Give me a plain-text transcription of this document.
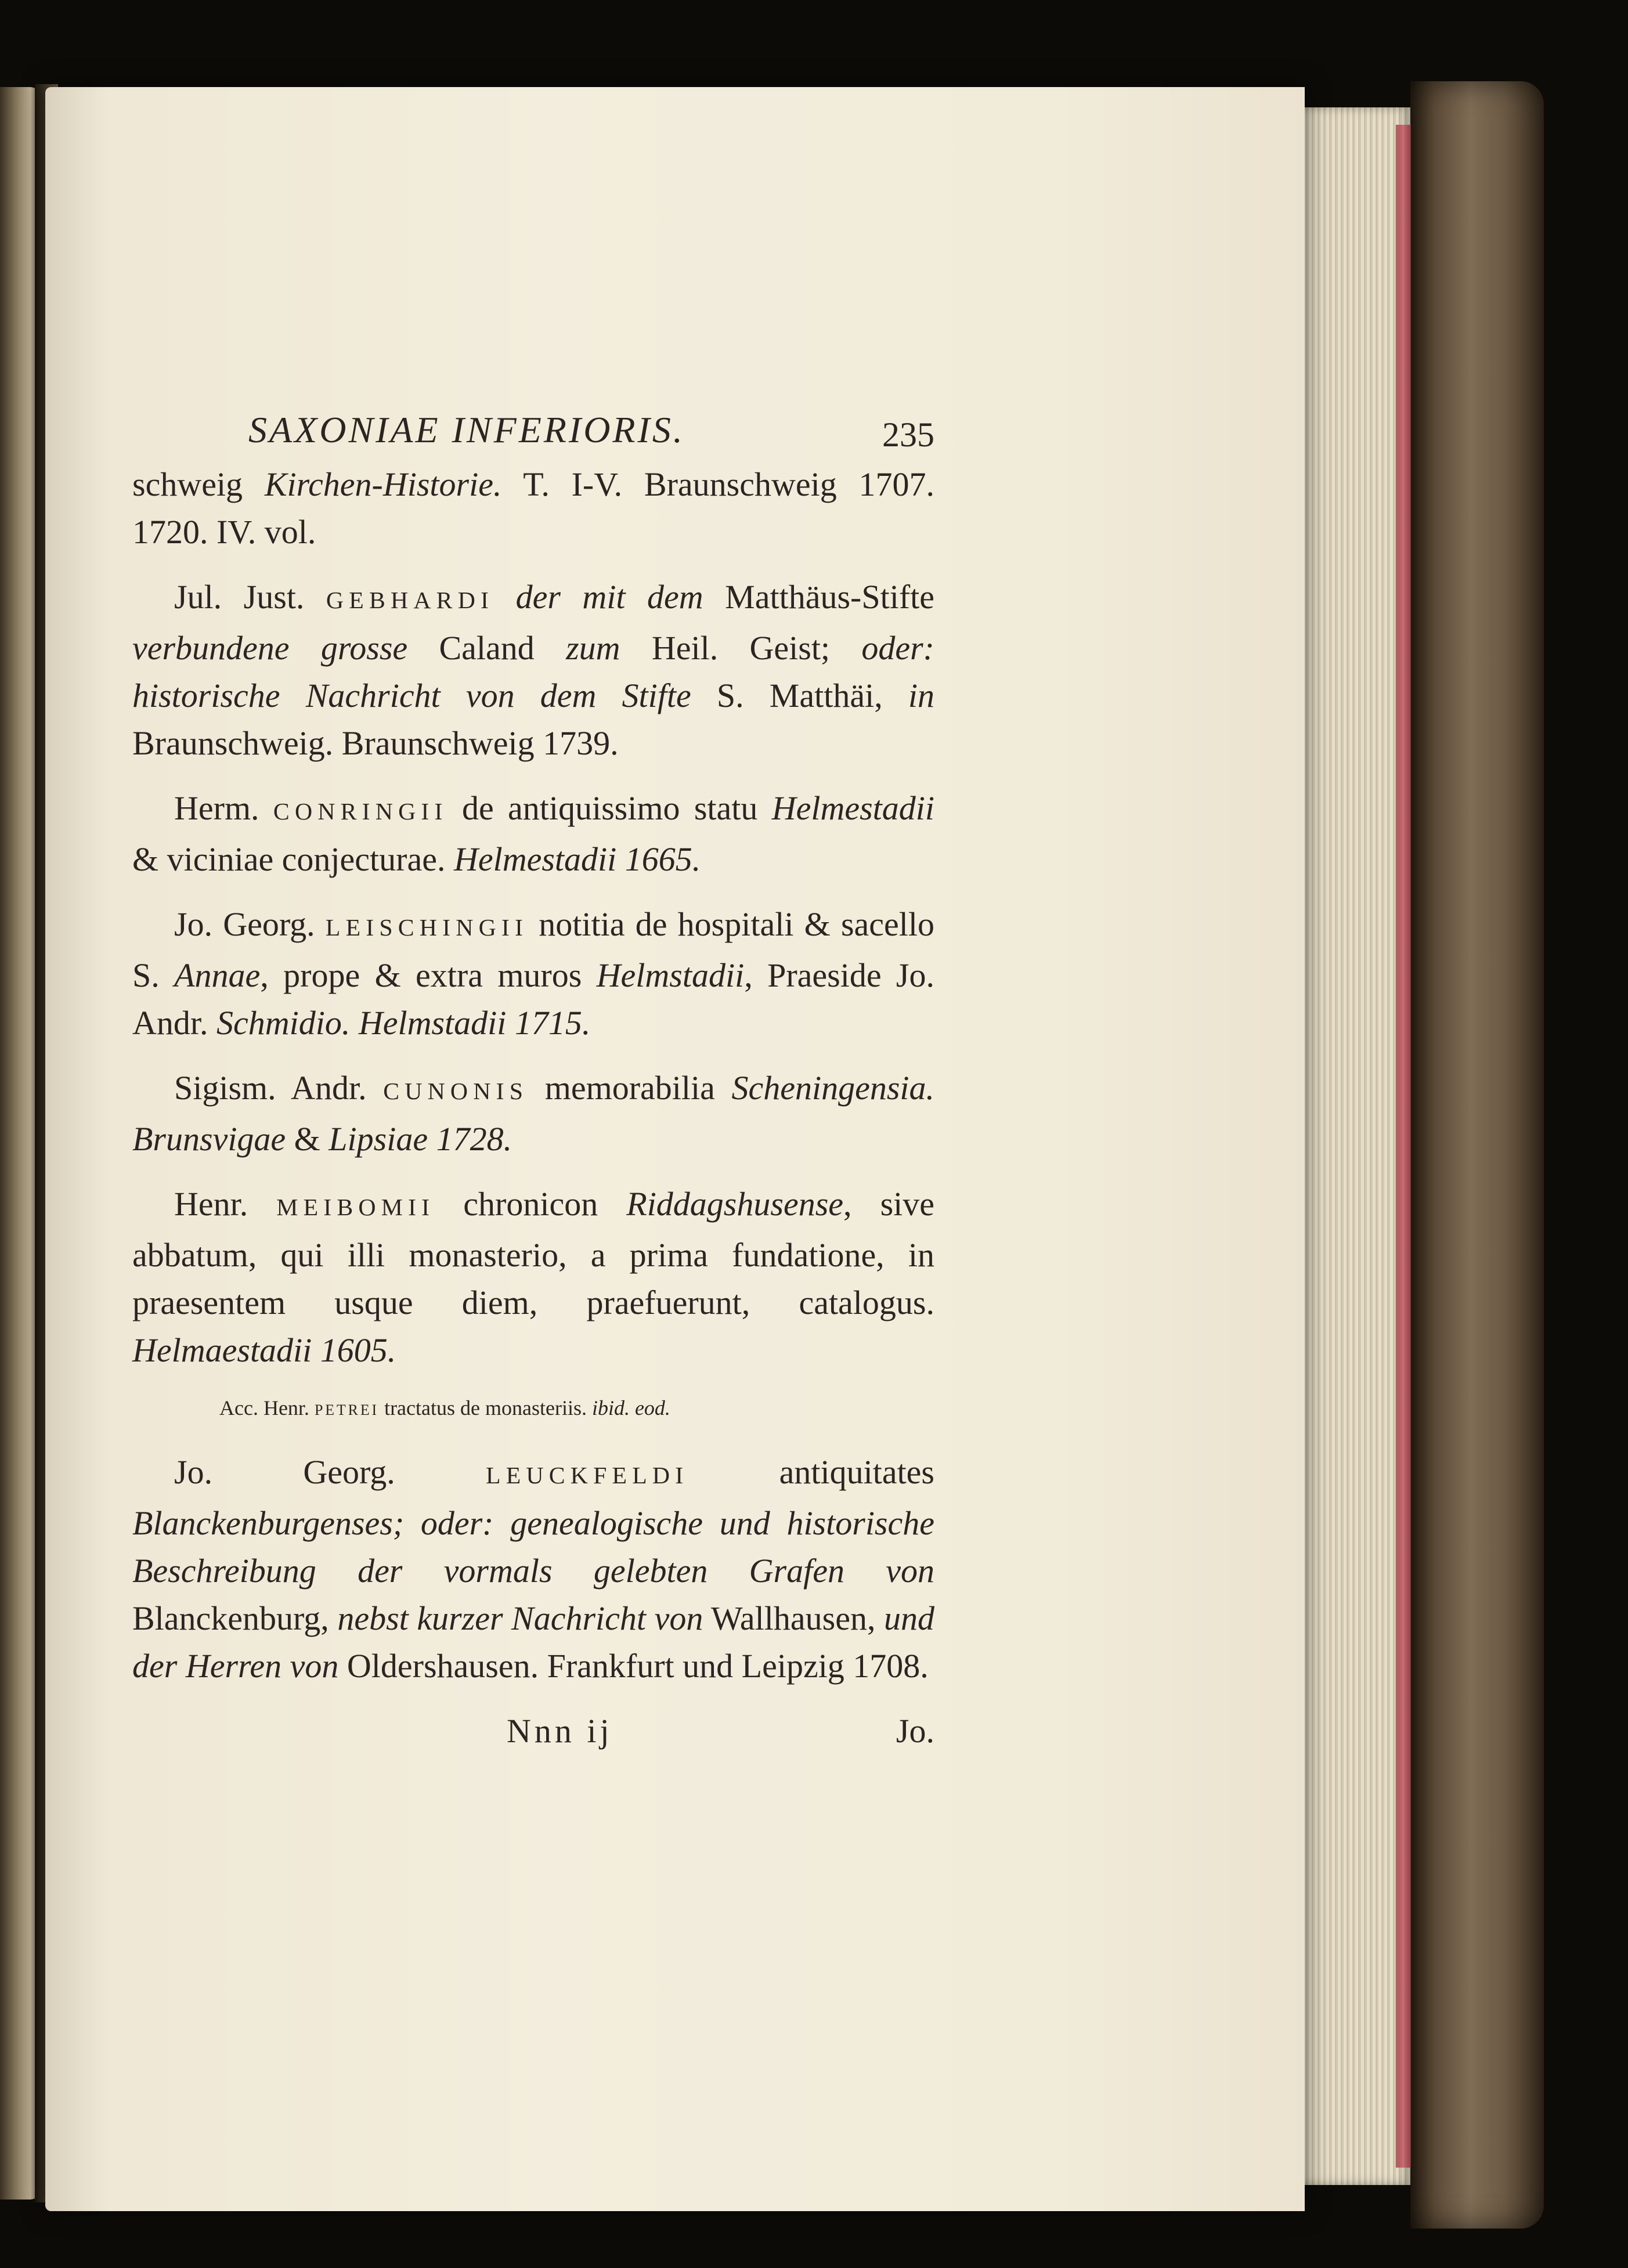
SAXONIAE INFERIORIS.	235

schweig Kirchen-Historie. T. I-V. Braunschweig 1707. 1720. IV. vol.

Jul. Just. GEBHARDI der mit dem Matthäus-Stifte verbundene grosse Caland zum Heil. Geist; oder: historische Nachricht von dem Stifte S. Matthäi, in Braunschweig. Braunschweig 1739.

Herm. CONRINGII de antiquissimo statu Helmestadii & viciniae conjecturae. Helmestadii 1665.

Jo. Georg. LEISCHINGII notitia de hospitali & sacello S. Annae, prope & extra muros Helmstadii, Praeside Jo. Andr. Schmidio. Helmstadii 1715.

Sigism. Andr. CUNONIS memorabilia Scheningensia. Brunsvigae & Lipsiae 1728.

Henr. MEIBOMII chronicon Riddagshusense, sive abbatum, qui illi monasterio, a prima fundatione, in praesentem usque diem, praefuerunt, catalogus. Helmaestadii 1605.

Acc. Henr. PETREI tractatus de monasteriis. ibid. eod.

Jo. Georg. LEUCKFELDI antiquitates Blanckenburgenses; oder: genealogische und historische Beschreibung der vormals gelebten Grafen von Blanckenburg, nebst kurzer Nachricht von Wallhausen, und der Herren von Oldershausen. Frankfurt und Leipzig 1708.

Nnn ij	Jo.
